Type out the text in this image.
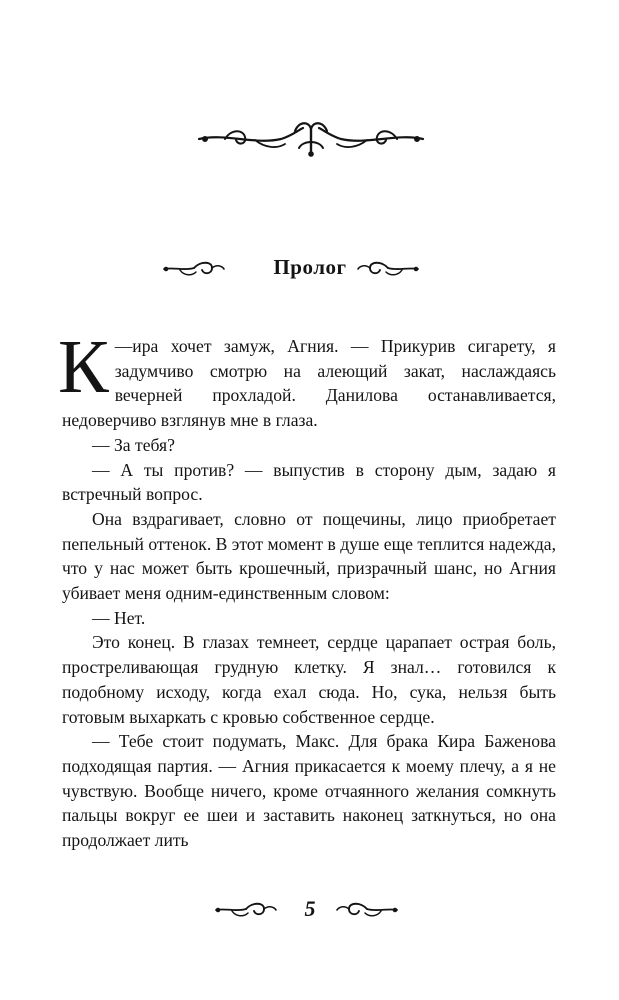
Пролог

—
К ира хочет замуж, Агния. — Прикурив сигарету, я задумчиво смотрю на алеющий закат, наслаждаясь вечерней прохладой. Данилова останавливается, недоверчиво взглянув мне в глаза.

— За тебя?

— А ты против? — выпустив в сторону дым, задаю я встречный вопрос.

Она вздрагивает, словно от пощечины, лицо приобретает пепельный оттенок. В этот момент в душе еще теплится надежда, что у нас может быть крошечный, призрачный шанс, но Агния убивает меня одним-единственным словом:

— Нет.

Это конец. В глазах темнеет, сердце царапает острая боль, простреливающая грудную клетку. Я знал… готовился к подобному исходу, когда ехал сюда. Но, сука, нельзя быть готовым выхаркать с кровью собственное сердце.

— Тебе стоит подумать, Макс. Для брака Кира Баженова подходящая партия. — Агния прикасается к моему плечу, а я не чувствую. Вообще ничего, кроме отчаянного желания сомкнуть пальцы вокруг ее шеи и заставить наконец заткнуться, но она продолжает лить

5
